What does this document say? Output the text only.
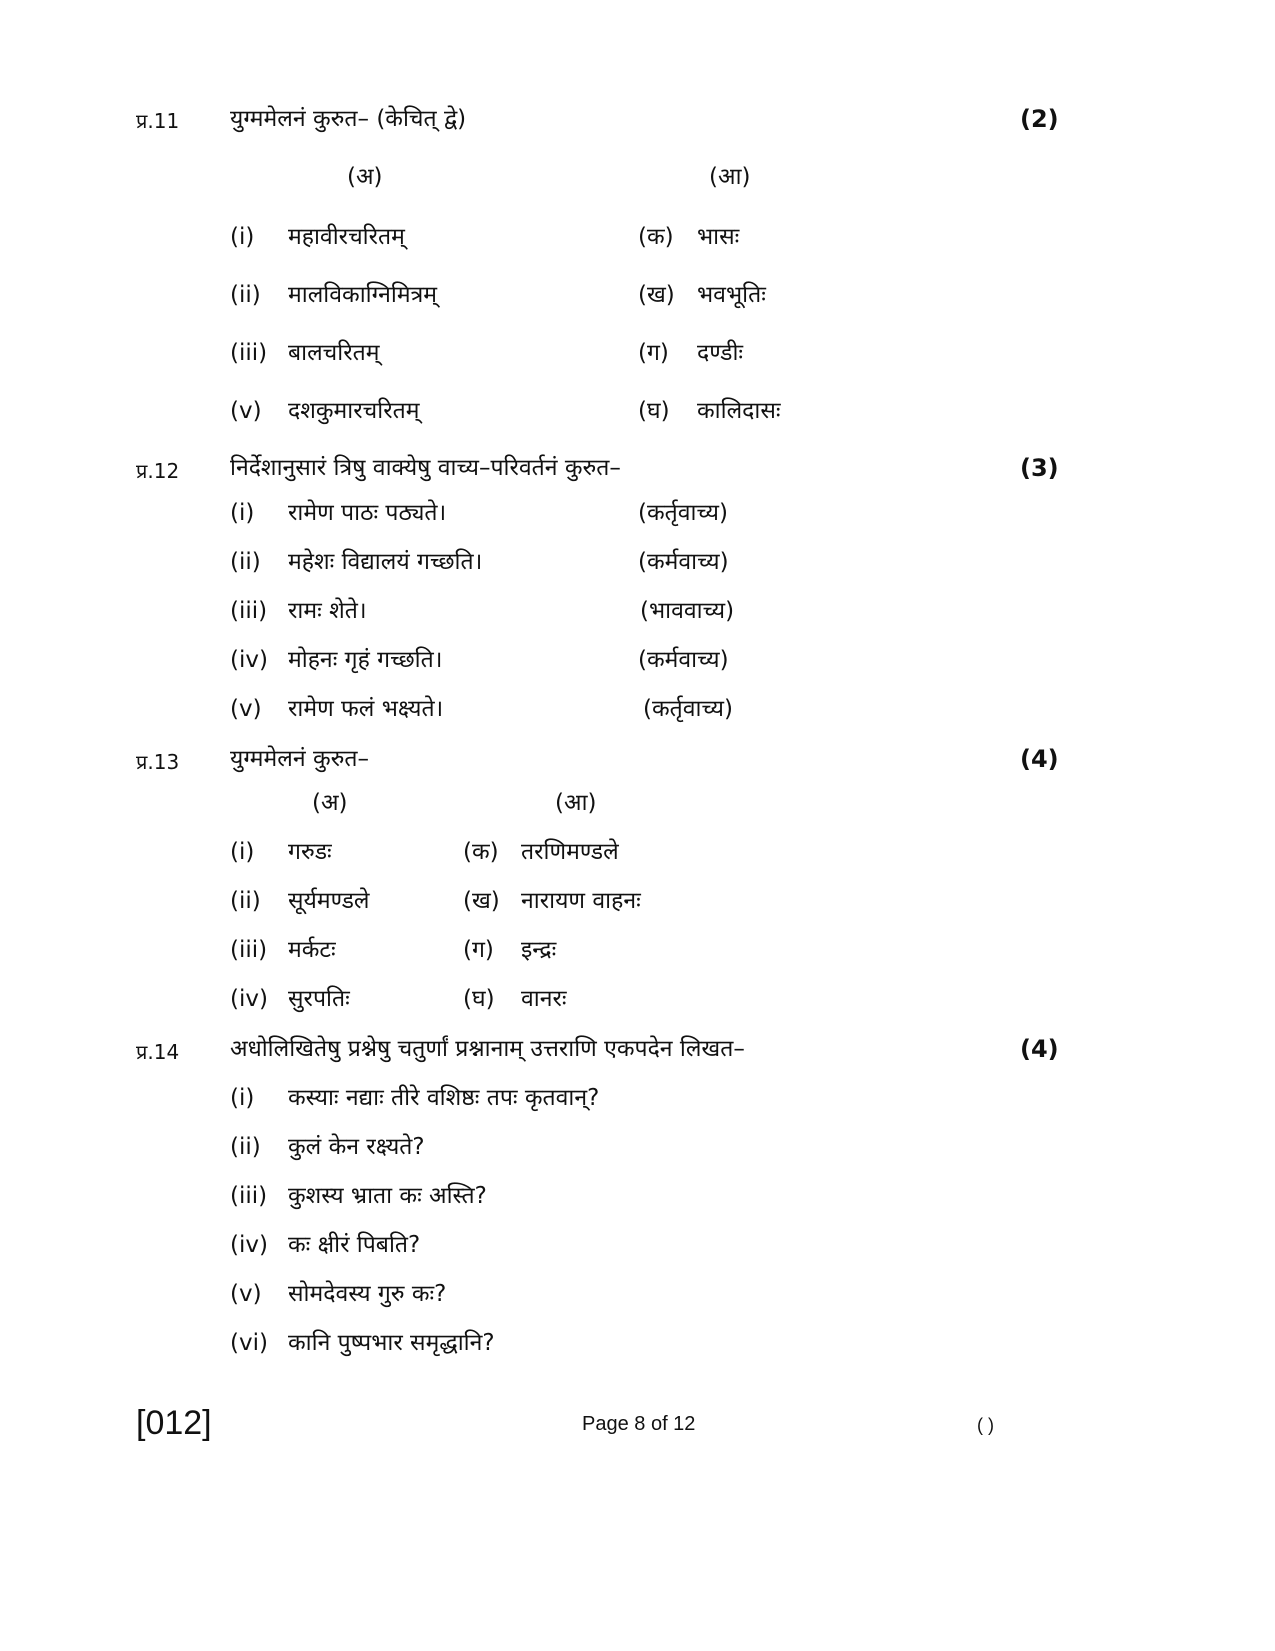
प्र.11 युग्ममेलनं कुरुत– (केचित् द्वे)	(2)
(अ)	(आ)
(i) महावीरचरितम्	(क) भासः
(ii) मालविकाग्निमित्रम्	(ख) भवभूतिः
(iii) बालचरितम्	(ग) दण्डीः
(v) दशकुमारचरितम्	(घ) कालिदासः
प्र.12 निर्देशानुसारं त्रिषु वाक्येषु वाच्य–परिवर्तनं कुरुत–	(3)
(i) रामेण पाठः पठ्यते।	(कर्तृवाच्य)
(ii) महेशः विद्यालयं गच्छति।	(कर्मवाच्य)
(iii) रामः शेते।	(भाववाच्य)
(iv) मोहनः गृहं गच्छति।	(कर्मवाच्य)
(v) रामेण फलं भक्ष्यते।	(कर्तृवाच्य)
प्र.13 युग्ममेलनं कुरुत–	(4)
(अ)	(आ)
(i) गरुडः	(क) तरणिमण्डले
(ii) सूर्यमण्डले	(ख) नारायण वाहनः
(iii) मर्कटः	(ग) इन्द्रः
(iv) सुरपतिः	(घ) वानरः
प्र.14 अधोलिखितेषु प्रश्नेषु चतुर्णां प्रश्नानाम् उत्तराणि एकपदेन लिखत–	(4)
(i) कस्याः नद्याः तीरे वशिष्ठः तपः कृतवान्?
(ii) कुलं केन रक्ष्यते?
(iii) कुशस्य भ्राता कः अस्ति?
(iv) कः क्षीरं पिबति?
(v) सोमदेवस्य गुरु कः?
(vi) कानि पुष्पभार समृद्धानि?
[012]	Page 8 of 12	( )
